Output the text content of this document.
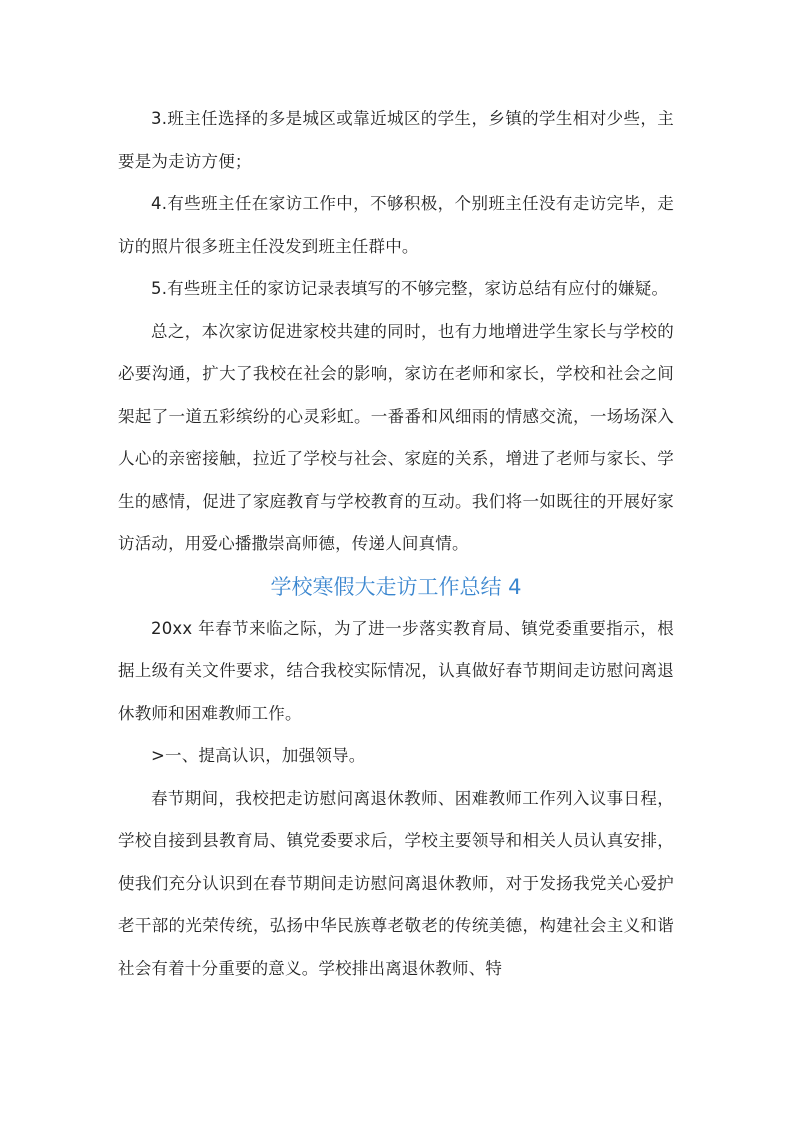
3.班主任选择的多是城区或靠近城区的学生，乡镇的学生相对少些，主要是为走访方便；

4.有些班主任在家访工作中，不够积极，个别班主任没有走访完毕，走访的照片很多班主任没发到班主任群中。

5.有些班主任的家访记录表填写的不够完整，家访总结有应付的嫌疑。

总之，本次家访促进家校共建的同时，也有力地增进学生家长与学校的必要沟通，扩大了我校在社会的影响，家访在老师和家长，学校和社会之间架起了一道五彩缤纷的心灵彩虹。一番番和风细雨的情感交流，一场场深入人心的亲密接触，拉近了学校与社会、家庭的关系，增进了老师与家长、学生的感情，促进了家庭教育与学校教育的互动。我们将一如既往的开展好家访活动，用爱心播撒崇高师德，传递人间真情。

学校寒假大走访工作总结 4

20xx 年春节来临之际，为了进一步落实教育局、镇党委重要指示，根据上级有关文件要求，结合我校实际情况，认真做好春节期间走访慰问离退休教师和困难教师工作。

>一、提高认识，加强领导。

春节期间，我校把走访慰问离退休教师、困难教师工作列入议事日程，学校自接到县教育局、镇党委要求后，学校主要领导和相关人员认真安排，使我们充分认识到在春节期间走访慰问离退休教师，对于发扬我党关心爱护老干部的光荣传统，弘扬中华民族尊老敬老的传统美德，构建社会主义和谐社会有着十分重要的意义。学校排出离退休教师、特
